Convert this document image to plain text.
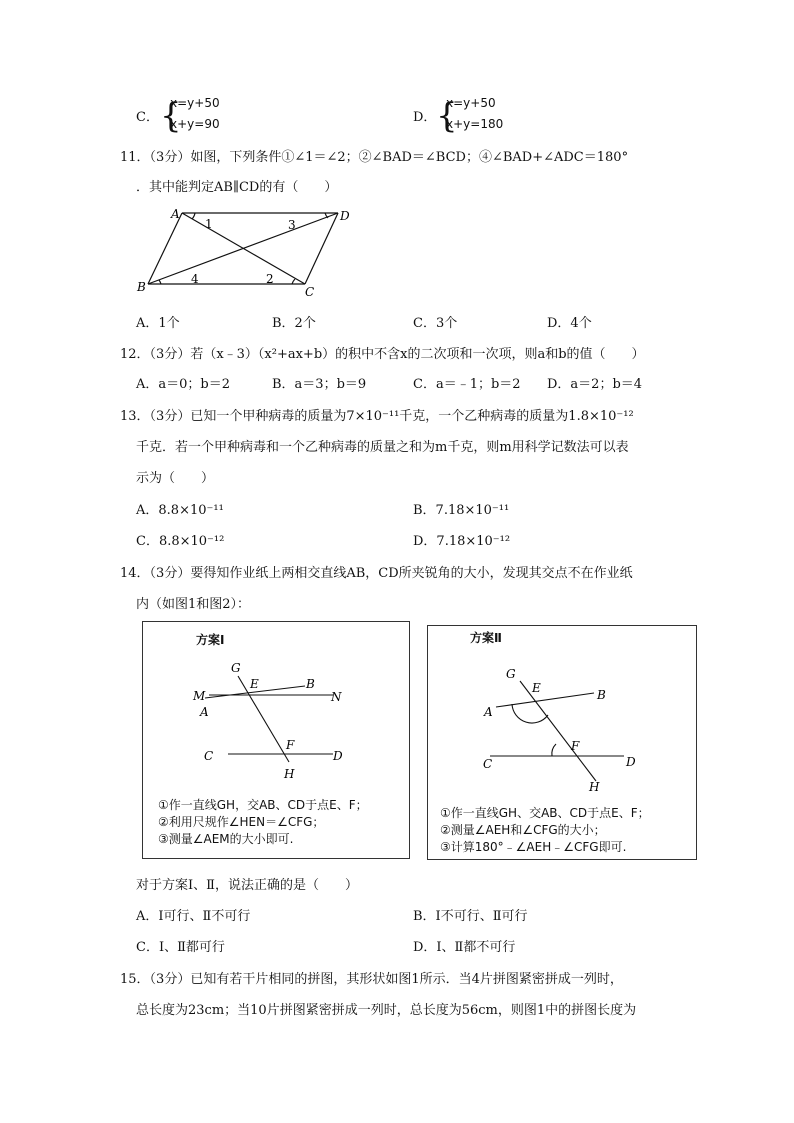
C． {
x=y+50
x+y=90	D． {
x=y+50
x+y=180
11．（3分）如图，下列条件①∠1＝∠2；②∠BAD＝∠BCD；④∠BAD+∠ADC＝180°
．其中能判定AB∥CD的有（　　）
A	D
B	C
1	3
4	2
A．1个	B．2个	C．3个	D．4个
12．（3分）若（x﹣3）（x²+ax+b）的积中不含x的二次项和一次项，则a和b的值（　　）
A．a＝0；b＝2	B．a＝3；b＝9	C．a＝﹣1；b＝2 D．a＝2；b＝4
13．（3分）已知一个甲种病毒的质量为7×10⁻¹¹千克，一个乙种病毒的质量为1.8×10⁻¹²
千克．若一个甲种病毒和一个乙种病毒的质量之和为m千克，则m用科学记数法可以表
示为（　　）
A．8.8×10⁻¹¹	B．7.18×10⁻¹¹
C．8.8×10⁻¹²	D．7.18×10⁻¹²
14．（3分）要得知作业纸上两相交直线AB，CD所夹锐角的大小，发现其交点不在作业纸
内（如图1和图2）：
方案Ⅰ
G
E	B
M	N
A
F
C	D
H
①作一直线GH，交AB、CD于点E、F；
②利用尺规作∠HEN＝∠CFG；
③测量∠AEM的大小即可.
方案Ⅱ
G
E	B
A
F
C	D
H
①作一直线GH、交AB、CD于点E、F；
②测量∠AEH和∠CFG的大小；
③计算180°﹣∠AEH﹣∠CFG即可.
对于方案Ⅰ、Ⅱ，说法正确的是（　　）
A．Ⅰ可行、Ⅱ不可行	B．Ⅰ不可行、Ⅱ可行
C．Ⅰ、Ⅱ都可行	D．Ⅰ、Ⅱ都不可行
15．（3分）已知有若干片相同的拼图，其形状如图1所示．当4片拼图紧密拼成一列时，
总长度为23cm；当10片拼图紧密拼成一列时，总长度为56cm，则图1中的拼图长度为
